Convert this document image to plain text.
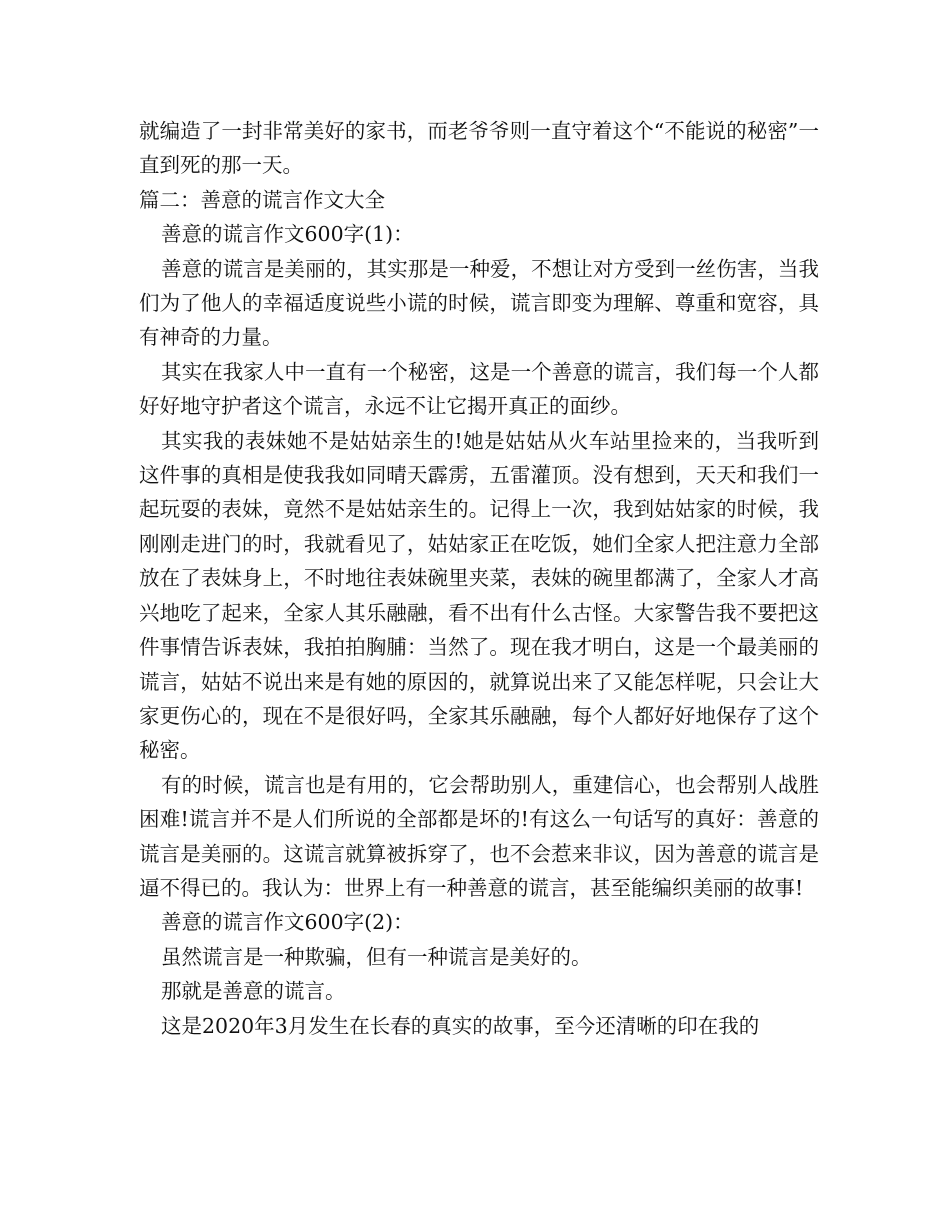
就编造了一封非常美好的家书，而老爷爷则一直守着这个“不能说的秘密”一直到死的那一天。

篇二：善意的谎言作文大全

善意的谎言作文600字(1)：

善意的谎言是美丽的，其实那是一种爱，不想让对方受到一丝伤害，当我们为了他人的幸福适度说些小谎的时候，谎言即变为理解、尊重和宽容，具有神奇的力量。

其实在我家人中一直有一个秘密，这是一个善意的谎言，我们每一个人都好好地守护者这个谎言，永远不让它揭开真正的面纱。

其实我的表妹她不是姑姑亲生的!她是姑姑从火车站里捡来的，当我听到这件事的真相是使我我如同晴天霹雳，五雷灌顶。没有想到，天天和我们一起玩耍的表妹，竟然不是姑姑亲生的。记得上一次，我到姑姑家的时候，我刚刚走进门的时，我就看见了，姑姑家正在吃饭，她们全家人把注意力全部放在了表妹身上，不时地往表妹碗里夹菜，表妹的碗里都满了，全家人才高兴地吃了起来，全家人其乐融融，看不出有什么古怪。大家警告我不要把这件事情告诉表妹，我拍拍胸脯：当然了。现在我才明白，这是一个最美丽的谎言，姑姑不说出来是有她的原因的，就算说出来了又能怎样呢，只会让大家更伤心的，现在不是很好吗，全家其乐融融，每个人都好好地保存了这个秘密。

有的时候，谎言也是有用的，它会帮助别人，重建信心，也会帮别人战胜困难!谎言并不是人们所说的全部都是坏的!有这么一句话写的真好：善意的谎言是美丽的。这谎言就算被拆穿了，也不会惹来非议，因为善意的谎言是逼不得已的。我认为：世界上有一种善意的谎言，甚至能编织美丽的故事!

善意的谎言作文600字(2)：

虽然谎言是一种欺骗，但有一种谎言是美好的。

那就是善意的谎言。

这是2020年3月发生在长春的真实的故事，至今还清晰的印在我的
